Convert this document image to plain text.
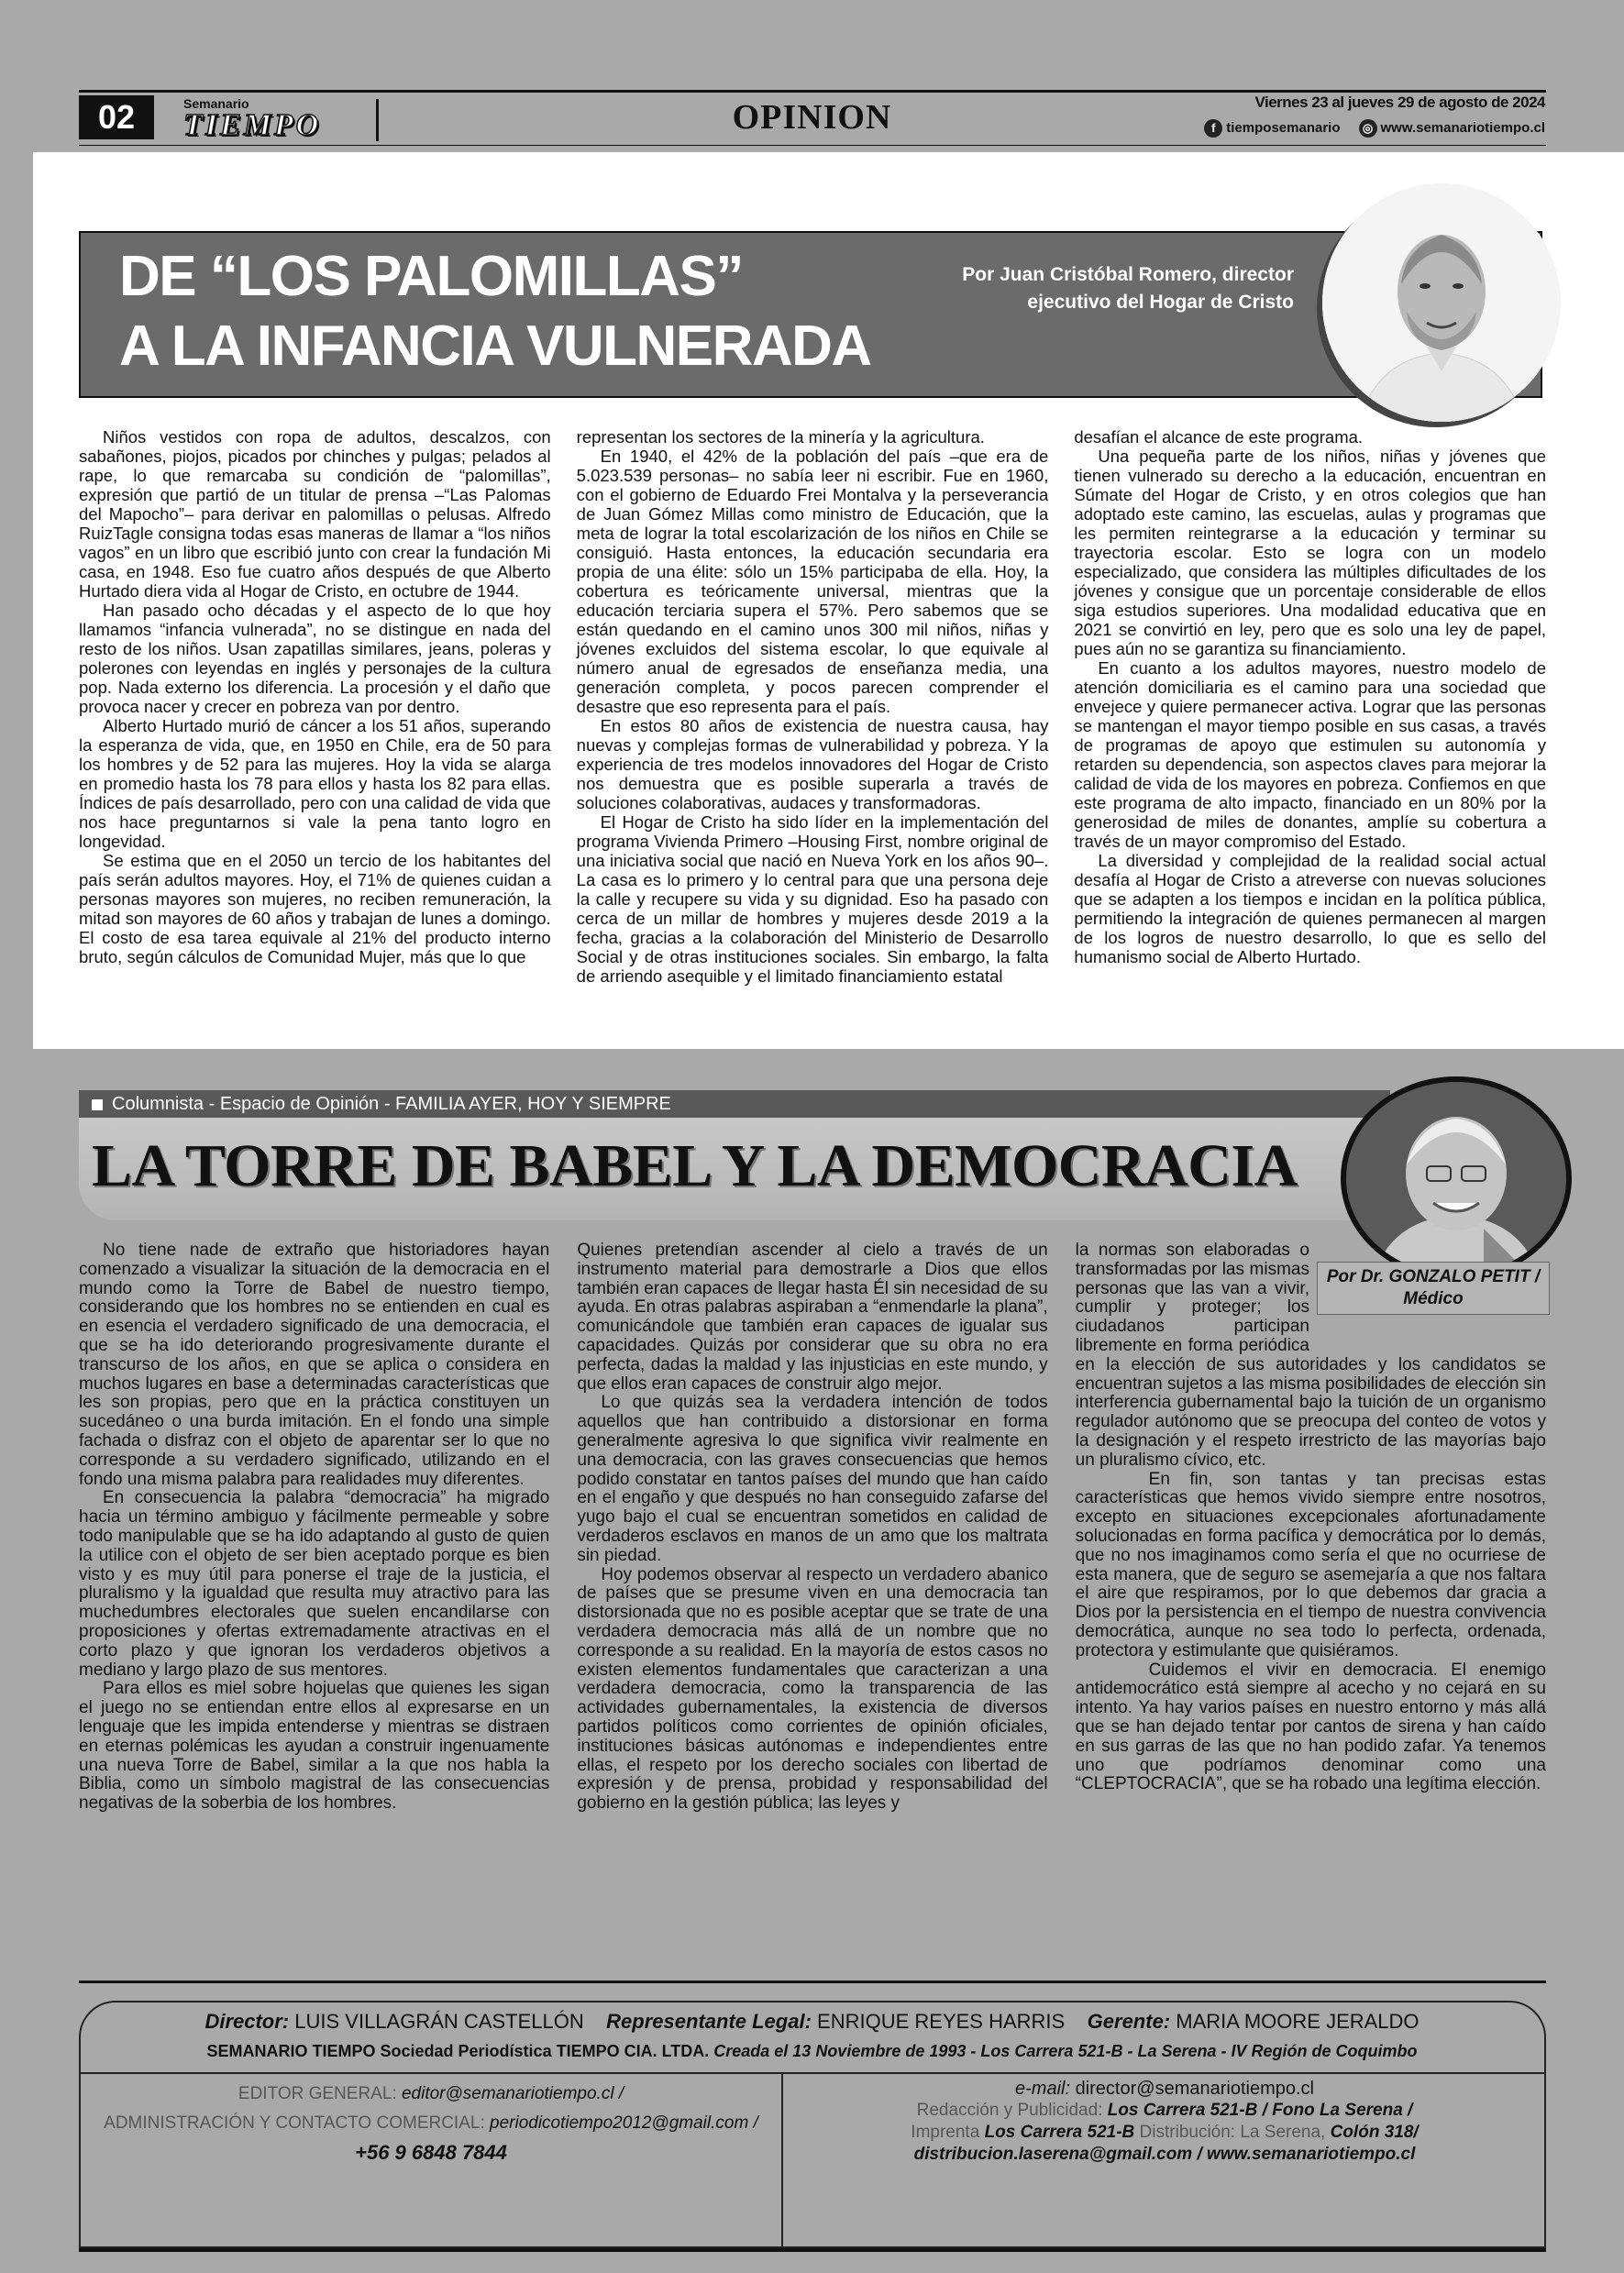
02	Semanario
TIEMPO	OPINION	Viernes 23 al jueves 29 de agosto de 2024
f tiemposemanario	◎ www.semanariotiempo.cl
DE “LOS PALOMILLAS”
A LA INFANCIA VULNERADA
Por Juan Cristóbal Romero, director ejecutivo del Hogar de Cristo

Niños vestidos con ropa de adultos, descalzos, con sabañones, piojos, picados por chinches y pulgas; pelados al rape, lo que remarcaba su condición de “palomillas”, expresión que partió de un titular de prensa –“Las Palomas del Mapocho”– para derivar en palomillas o pelusas. Alfredo RuizTagle consigna todas esas maneras de llamar a “los niños vagos” en un libro que escribió junto con crear la fundación Mi casa, en 1948. Eso fue cuatro años después de que Alberto Hurtado diera vida al Hogar de Cristo, en octubre de 1944.

Han pasado ocho décadas y el aspecto de lo que hoy llamamos “infancia vulnerada”, no se distingue en nada del resto de los niños. Usan zapatillas similares, jeans, poleras y polerones con leyendas en inglés y personajes de la cultura pop. Nada externo los diferencia. La procesión y el daño que provoca nacer y crecer en pobreza van por dentro.

Alberto Hurtado murió de cáncer a los 51 años, superando la esperanza de vida, que, en 1950 en Chile, era de 50 para los hombres y de 52 para las mujeres. Hoy la vida se alarga en promedio hasta los 78 para ellos y hasta los 82 para ellas. Índices de país desarrollado, pero con una calidad de vida que nos hace preguntarnos si vale la pena tanto logro en longevidad.

Se estima que en el 2050 un tercio de los habitantes del país serán adultos mayores. Hoy, el 71% de quienes cuidan a personas mayores son mujeres, no reciben remuneración, la mitad son mayores de 60 años y trabajan de lunes a domingo. El costo de esa tarea equivale al 21% del producto interno bruto, según cálculos de Comunidad Mujer, más que lo que

representan los sectores de la minería y la agricultura.

En 1940, el 42% de la población del país –que era de 5.023.539 personas– no sabía leer ni escribir. Fue en 1960, con el gobierno de Eduardo Frei Montalva y la perseverancia de Juan Gómez Millas como ministro de Educación, que la meta de lograr la total escolarización de los niños en Chile se consiguió. Hasta entonces, la educación secundaria era propia de una élite: sólo un 15% participaba de ella. Hoy, la cobertura es teóricamente universal, mientras que la educación terciaria supera el 57%. Pero sabemos que se están quedando en el camino unos 300 mil niños, niñas y jóvenes excluidos del sistema escolar, lo que equivale al número anual de egresados de enseñanza media, una generación completa, y pocos parecen comprender el desastre que eso representa para el país.

En estos 80 años de existencia de nuestra causa, hay nuevas y complejas formas de vulnerabilidad y pobreza. Y la experiencia de tres modelos innovadores del Hogar de Cristo nos demuestra que es posible superarla a través de soluciones colaborativas, audaces y transformadoras.

El Hogar de Cristo ha sido líder en la implementación del programa Vivienda Primero –Housing First, nombre original de una iniciativa social que nació en Nueva York en los años 90–. La casa es lo primero y lo central para que una persona deje la calle y recupere su vida y su dignidad. Eso ha pasado con cerca de un millar de hombres y mujeres desde 2019 a la fecha, gracias a la colaboración del Ministerio de Desarrollo Social y de otras instituciones sociales. Sin embargo, la falta de arriendo asequible y el limitado financiamiento estatal

desafían el alcance de este programa.

Una pequeña parte de los niños, niñas y jóvenes que tienen vulnerado su derecho a la educación, encuentran en Súmate del Hogar de Cristo, y en otros colegios que han adoptado este camino, las escuelas, aulas y programas que les permiten reintegrarse a la educación y terminar su trayectoria escolar. Esto se logra con un modelo especializado, que considera las múltiples dificultades de los jóvenes y consigue que un porcentaje considerable de ellos siga estudios superiores. Una modalidad educativa que en 2021 se convirtió en ley, pero que es solo una ley de papel, pues aún no se garantiza su financiamiento.

En cuanto a los adultos mayores, nuestro modelo de atención domiciliaria es el camino para una sociedad que envejece y quiere permanecer activa. Lograr que las personas se mantengan el mayor tiempo posible en sus casas, a través de programas de apoyo que estimulen su autonomía y retarden su dependencia, son aspectos claves para mejorar la calidad de vida de los mayores en pobreza. Confiemos en que este programa de alto impacto, financiado en un 80% por la generosidad de miles de donantes, amplíe su cobertura a través de un mayor compromiso del Estado.

La diversidad y complejidad de la realidad social actual desafía al Hogar de Cristo a atreverse con nuevas soluciones que se adapten a los tiempos e incidan en la política pública, permitiendo la integración de quienes permanecen al margen de los logros de nuestro desarrollo, lo que es sello del humanismo social de Alberto Hurtado.

Columnista - Espacio de Opinión - FAMILIA AYER, HOY Y SIEMPRE
LA TORRE DE BABEL Y LA DEMOCRACIA
Por Dr. GONZALO PETIT /
Médico

No tiene nade de extraño que historiadores hayan comenzado a visualizar la situación de la democracia en el mundo como la Torre de Babel de nuestro tiempo, considerando que los hombres no se entienden en cual es en esencia el verdadero significado de una democracia, el que se ha ido deteriorando progresivamente durante el transcurso de los años, en que se aplica o considera en muchos lugares en base a determinadas características que les son propias, pero que en la práctica constituyen un sucedáneo o una burda imitación. En el fondo una simple fachada o disfraz con el objeto de aparentar ser lo que no corresponde a su verdadero significado, utilizando en el fondo una misma palabra para realidades muy diferentes.

En consecuencia la palabra “democracia” ha migrado hacia un término ambiguo y fácilmente permeable y sobre todo manipulable que se ha ido adaptando al gusto de quien la utilice con el objeto de ser bien aceptado porque es bien visto y es muy útil para ponerse el traje de la justicia, el pluralismo y la igualdad que resulta muy atractivo para las muchedumbres electorales que suelen encandilarse con proposiciones y ofertas extremadamente atractivas en el corto plazo y que ignoran los verdaderos objetivos a mediano y largo plazo de sus mentores.

Para ellos es miel sobre hojuelas que quienes les sigan el juego no se entiendan entre ellos al expresarse en un lenguaje que les impida entenderse y mientras se distraen en eternas polémicas les ayudan a construir ingenuamente una nueva Torre de Babel, similar a la que nos habla la Biblia, como un símbolo magistral de las consecuencias negativas de la soberbia de los hombres.

Quienes pretendían ascender al cielo a través de un instrumento material para demostrarle a Dios que ellos también eran capaces de llegar hasta Él sin necesidad de su ayuda. En otras palabras aspiraban a “enmendarle la plana”, comunicándole que también eran capaces de igualar sus capacidades. Quizás por considerar que su obra no era perfecta, dadas la maldad y las injusticias en este mundo, y que ellos eran capaces de construir algo mejor.

Lo que quizás sea la verdadera intención de todos aquellos que han contribuido a distorsionar en forma generalmente agresiva lo que significa vivir realmente en una democracia, con las graves consecuencias que hemos podido constatar en tantos países del mundo que han caído en el engaño y que después no han conseguido zafarse del yugo bajo el cual se encuentran sometidos en calidad de verdaderos esclavos en manos de un amo que los maltrata sin piedad.

Hoy podemos observar al respecto un verdadero abanico de países que se presume viven en una democracia tan distorsionada que no es posible aceptar que se trate de una verdadera democracia más allá de un nombre que no corresponde a su realidad. En la mayoría de estos casos no existen elementos fundamentales que caracterizan a una verdadera democracia, como la transparencia de las actividades gubernamentales, la existencia de diversos partidos políticos como corrientes de opinión oficiales, instituciones básicas autónomas e independientes entre ellas, el respeto por los derecho sociales con libertad de expresión y de prensa, probidad y responsabilidad del gobierno en la gestión pública; las leyes y

la normas son elaboradas o transformadas por las mismas personas que las van a vivir, cumplir y proteger; los ciudadanos participan libremente en forma periódica en la elección de sus autoridades y los candidatos se encuentran sujetos a las misma posibilidades de elección sin interferencia gubernamental bajo la tuición de un organismo regulador autónomo que se preocupa del conteo de votos y la designación y el respeto irrestricto de las mayorías bajo un pluralismo cívico, etc.

En fin, son tantas y tan precisas estas características que hemos vivido siempre entre nosotros, excepto en situaciones excepcionales afortunadamente solucionadas en forma pacífica y democrática por lo demás, que no nos imaginamos como sería el que no ocurriese de esta manera, que de seguro se asemejaría a que nos faltara el aire que respiramos, por lo que debemos dar gracia a Dios por la persistencia en el tiempo de nuestra convivencia democrática, aunque no sea todo lo perfecta, ordenada, protectora y estimulante que quisiéramos.

Cuidemos el vivir en democracia. El enemigo antidemocrático está siempre al acecho y no cejará en su intento. Ya hay varios países en nuestro entorno y más allá que se han dejado tentar por cantos de sirena y han caído en sus garras de las que no han podido zafar. Ya tenemos uno que podríamos denominar como una “CLEPTOCRACIA”, que se ha robado una legítima elección.

Director: LUIS VILLAGRÁN CASTELLÓN Representante Legal: ENRIQUE REYES HARRIS Gerente: MARIA MOORE JERALDO
SEMANARIO TIEMPO Sociedad Periodística TIEMPO CIA. LTDA. Creada el 13 Noviembre de 1993 - Los Carrera 521-B - La Serena - IV Región de Coquimbo
EDITOR GENERAL: editor@semanariotiempo.cl /
ADMINISTRACIÓN Y CONTACTO COMERCIAL: periodicotiempo2012@gmail.com /
+56 9 6848 7844
e-mail: director@semanariotiempo.cl
Redacción y Publicidad: Los Carrera 521-B / Fono La Serena /
Imprenta Los Carrera 521-B Distribución: La Serena, Colón 318/
distribucion.laserena@gmail.com / www.semanariotiempo.cl
